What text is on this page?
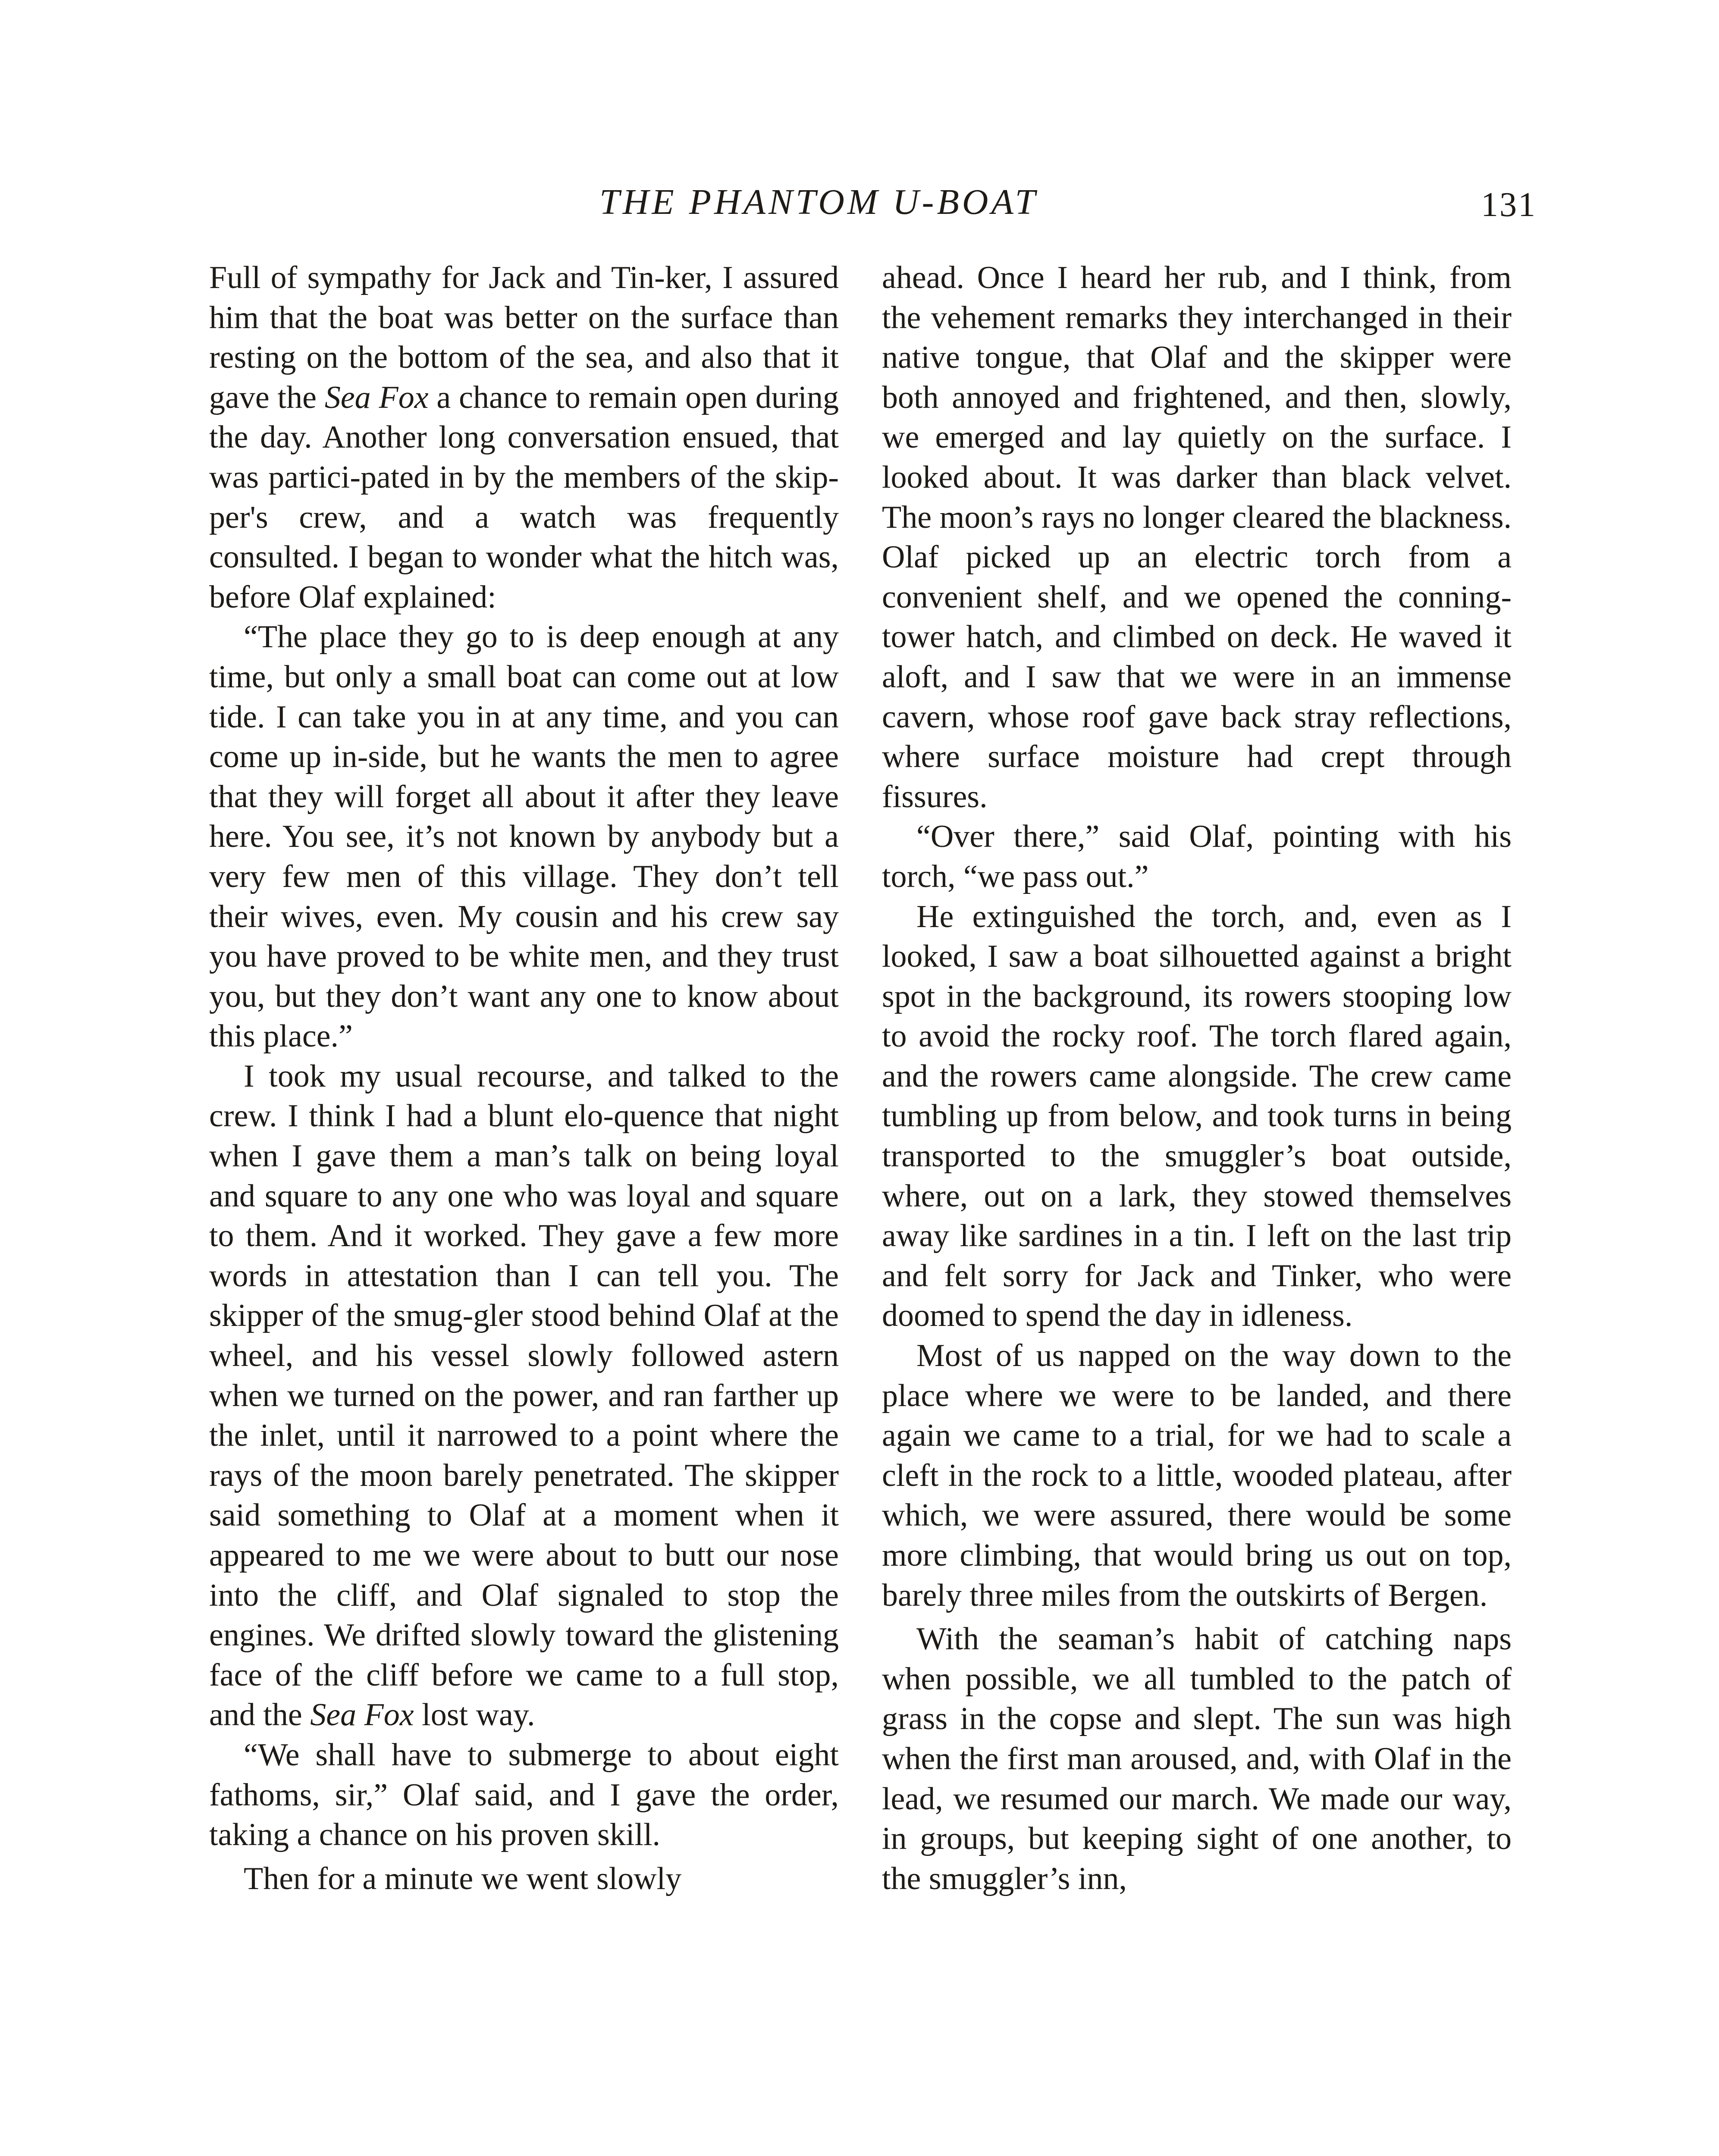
THE PHANTOM U-BOAT	131

Full of sympathy for Jack and Tin-ker, I assured him that the boat was better on the surface than resting on the bottom of the sea, and also that it gave the Sea Fox a chance to remain open during the day. Another long conversation ensued, that was partici-pated in by the members of the skip-per's crew, and a watch was frequently consulted. I began to wonder what the hitch was, before Olaf explained:

“The place they go to is deep enough at any time, but only a small boat can come out at low tide. I can take you in at any time, and you can come up in-side, but he wants the men to agree that they will forget all about it after they leave here. You see, it’s not known by anybody but a very few men of this village. They don’t tell their wives, even. My cousin and his crew say you have proved to be white men, and they trust you, but they don’t want any one to know about this place.”

I took my usual recourse, and talked to the crew. I think I had a blunt elo-quence that night when I gave them a man’s talk on being loyal and square to any one who was loyal and square to them. And it worked. They gave a few more words in attestation than I can tell you. The skipper of the smug-gler stood behind Olaf at the wheel, and his vessel slowly followed astern when we turned on the power, and ran farther up the inlet, until it narrowed to a point where the rays of the moon barely penetrated. The skipper said something to Olaf at a moment when it appeared to me we were about to butt our nose into the cliff, and Olaf signaled to stop the engines. We drifted slowly toward the glistening face of the cliff before we came to a full stop, and the Sea Fox lost way.

“We shall have to submerge to about eight fathoms, sir,” Olaf said, and I gave the order, taking a chance on his proven skill.

Then for a minute we went slowly

ahead. Once I heard her rub, and I think, from the vehement remarks they interchanged in their native tongue, that Olaf and the skipper were both annoyed and frightened, and then, slowly, we emerged and lay quietly on the surface. I looked about. It was darker than black velvet. The moon’s rays no longer cleared the blackness. Olaf picked up an electric torch from a convenient shelf, and we opened the conning-tower hatch, and climbed on deck. He waved it aloft, and I saw that we were in an immense cavern, whose roof gave back stray reflections, where surface moisture had crept through fissures.

“Over there,” said Olaf, pointing with his torch, “we pass out.”

He extinguished the torch, and, even as I looked, I saw a boat silhouetted against a bright spot in the background, its rowers stooping low to avoid the rocky roof. The torch flared again, and the rowers came alongside. The crew came tumbling up from below, and took turns in being transported to the smuggler’s boat outside, where, out on a lark, they stowed themselves away like sardines in a tin. I left on the last trip and felt sorry for Jack and Tinker, who were doomed to spend the day in idleness.

Most of us napped on the way down to the place where we were to be landed, and there again we came to a trial, for we had to scale a cleft in the rock to a little, wooded plateau, after which, we were assured, there would be some more climbing, that would bring us out on top, barely three miles from the outskirts of Bergen.

With the seaman’s habit of catching naps when possible, we all tumbled to the patch of grass in the copse and slept. The sun was high when the first man aroused, and, with Olaf in the lead, we resumed our march. We made our way, in groups, but keeping sight of one another, to the smuggler’s inn,
